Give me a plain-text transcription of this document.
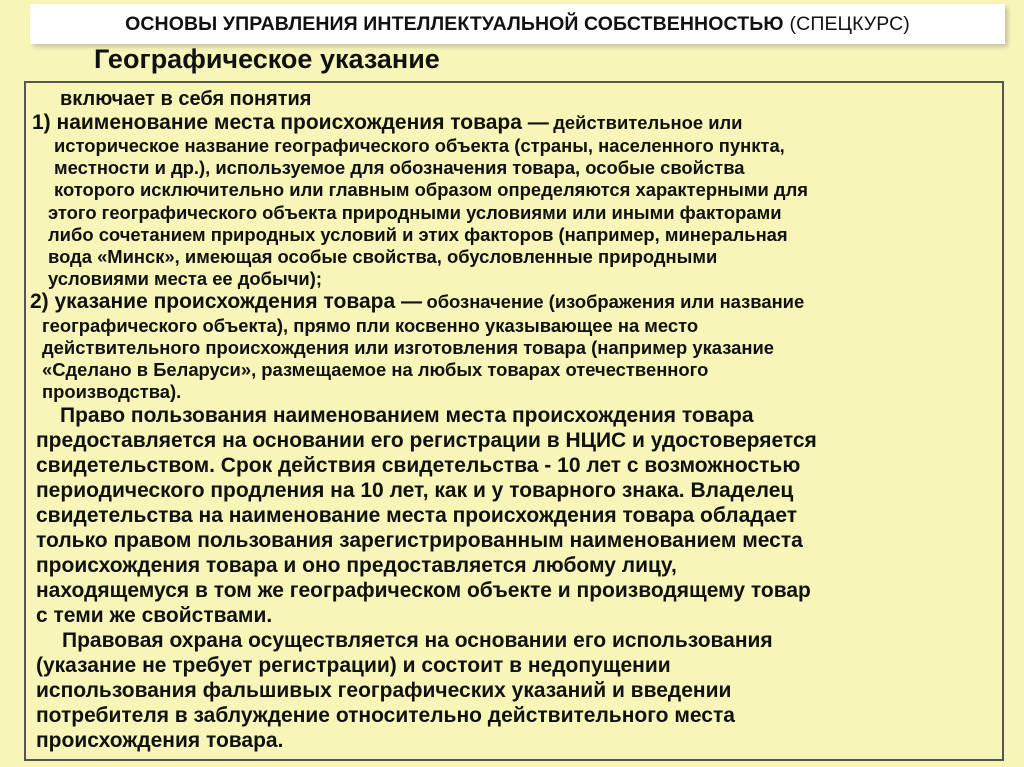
ОСНОВЫ УПРАВЛЕНИЯ ИНТЕЛЛЕКТУАЛЬНОЙ СОБСТВЕННОСТЬЮ (СПЕЦКУРС)
Географическое указание
включает в себя понятия
1) наименование места происхождения товара — действительное или
историческое название географического объекта (страны, населенного пункта,
местности и др.), используемое для обозначения товара, особые свойства
которого исключительно или главным образом определяются характерными для
этого географического объекта природными условиями или иными факторами
либо сочетанием природных условий и этих факторов (например, минеральная
вода «Минск», имеющая особые свойства, обусловленные природными
условиями места ее добычи);
2) указание происхождения товара — обозначение (изображения или название
географического объекта), прямо пли косвенно указывающее на место
действительного происхождения или изготовления товара (например указание
«Сделано в Беларуси», размещаемое на любых товарах отечественного
производства).
Право пользования наименованием места происхождения товара
предоставляется на основании его регистрации в НЦИС и удостоверяется
свидетельством. Срок действия свидетельства - 10 лет с возможностью
периодического продления на 10 лет, как и у товарного знака. Владелец
свидетельства на наименование места происхождения товара обладает
только правом пользования зарегистрированным наименованием места
происхождения товара и оно предоставляется любому лицу,
находящемуся в том же географическом объекте и производящему товар
с теми же свойствами.
Правовая охрана осуществляется на основании его использования
(указание не требует регистрации) и состоит в недопущении
использования фальшивых географических указаний и введении
потребителя в заблуждение относительно действительного места
происхождения товара.
